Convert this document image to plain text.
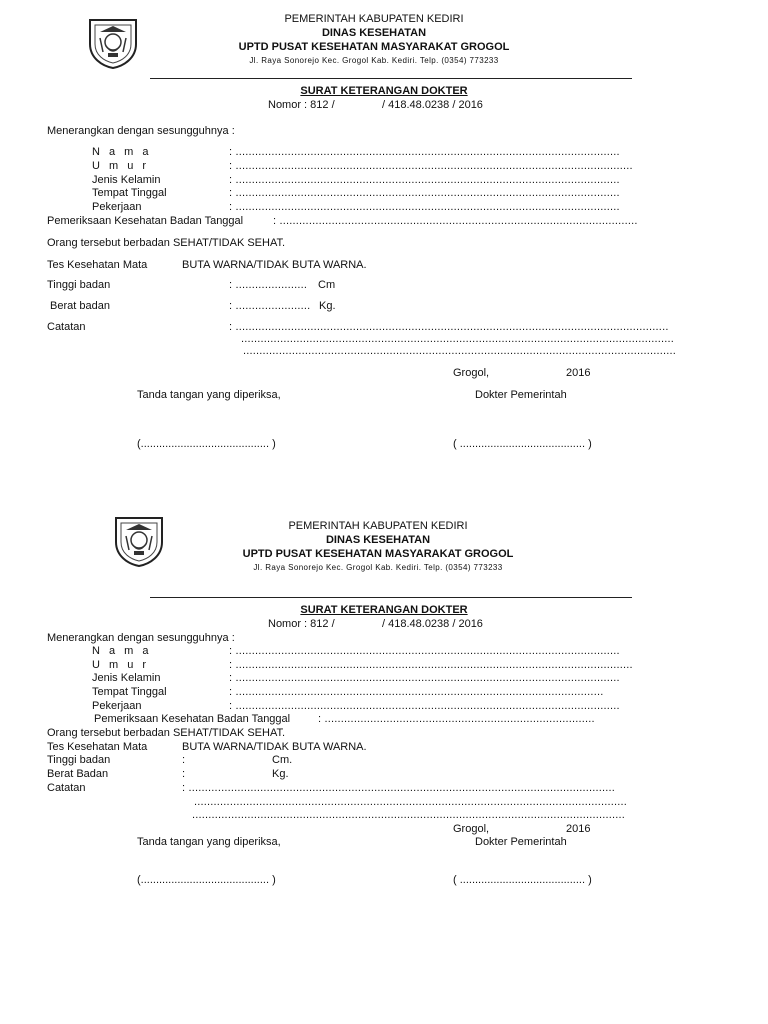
PEMERINTAH KABUPATEN KEDIRI
DINAS KESEHATAN
UPTD PUSAT KESEHATAN MASYARAKAT GROGOL
Jl. Raya Sonorejo Kec. Grogol Kab. Kediri. Telp. (0354) 773233
SURAT KETERANGAN DOKTER
Nomor : 812 /	/ 418.48.0238 / 2016
Menerangkan dengan sesungguhnya :
N a m a	: ......................................................................................................................
U m u r	: ..........................................................................................................................
Jenis Kelamin	: ......................................................................................................................
Tempat Tinggal	: ......................................................................................................................
Pekerjaan	: ......................................................................................................................
Pemeriksaan Kesehatan Badan Tanggal	: ..............................................................................................................
Orang tersebut berbadan SEHAT/TIDAK SEHAT.
Tes Kesehatan Mata	BUTA WARNA/TIDAK BUTA WARNA.
Tinggi badan	: ...................... Cm
Berat badan	: ....................... Kg.
Catatan	: .....................................................................................................................................
.....................................................................................................................................
.....................................................................................................................................
Grogol,	2016
Tanda tangan yang diperiksa,	Dokter Pemerintah
(.......................................... )	( ......................................... )
PEMERINTAH KABUPATEN KEDIRI
DINAS KESEHATAN
UPTD PUSAT KESEHATAN MASYARAKAT GROGOL
Jl. Raya Sonorejo Kec. Grogol Kab. Kediri. Telp. (0354) 773233
SURAT KETERANGAN DOKTER
Nomor : 812 /	/ 418.48.0238 / 2016
Menerangkan dengan sesungguhnya :
N a m a	: ......................................................................................................................
U m u r	: ..........................................................................................................................
Jenis Kelamin	: ......................................................................................................................
Tempat Tinggal	: .................................................................................................................
Pekerjaan	: ......................................................................................................................
Pemeriksaan Kesehatan Badan Tanggal	: ...................................................................................
Orang tersebut berbadan SEHAT/TIDAK SEHAT.
Tes Kesehatan Mata	BUTA WARNA/TIDAK BUTA WARNA.
Tinggi badan	:	Cm.
Berat Badan	:	Kg.
Catatan	: ...................................................................................................................................
.....................................................................................................................................
.....................................................................................................................................
Grogol,	2016
Tanda tangan yang diperiksa,	Dokter Pemerintah
(.......................................... )	( ......................................... )
